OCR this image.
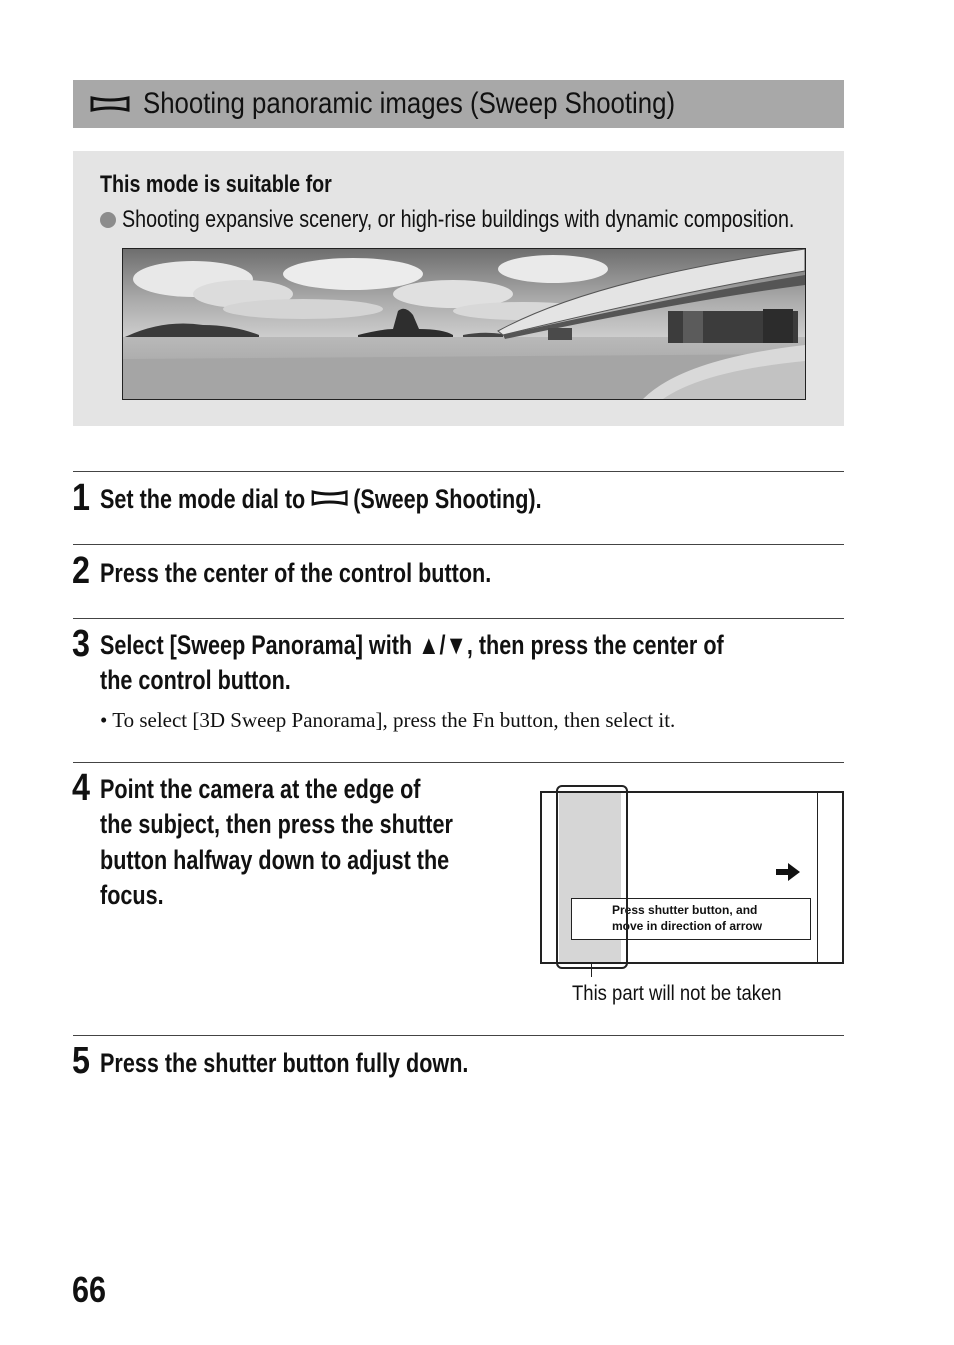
Shooting panoramic images (Sweep Shooting)
This mode is suitable for
Shooting expansive scenery, or high-rise buildings with dynamic composition.
1 Set the mode dial to (Sweep Shooting).
2 Press the center of the control button.
3 Select [Sweep Panorama] with ▲/▼, then press the center of
the control button.
• To select [3D Sweep Panorama], press the Fn button, then select it.
4 Point the camera at the edge of
the subject, then press the shutter
button halfway down to adjust the
focus.	Press shutter button, and
move in direction of arrow
This part will not be taken
5 Press the shutter button fully down.
66
